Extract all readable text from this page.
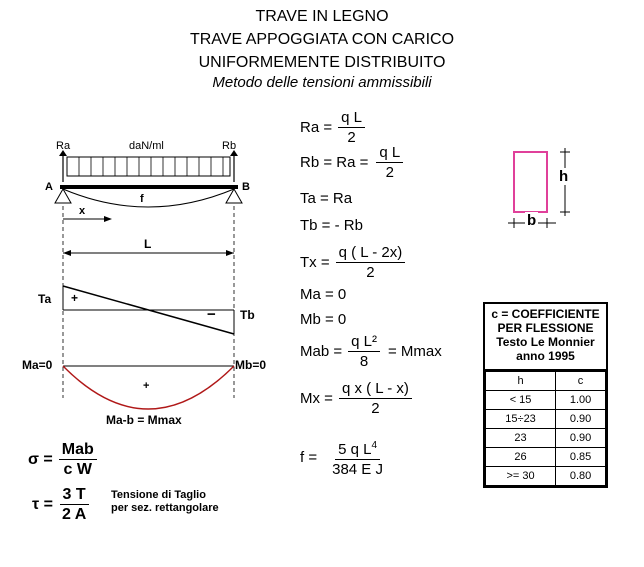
TRAVE IN LEGNO
TRAVE APPOGGIATA CON CARICO
UNIFORMEMENTE DISTRIBUITO
Metodo delle tensioni ammissibili
Ra	Rb
daN/ml
A	B
f
x
L
Ta
Tb
+
−
Ma=0	Mb=0
+
Ma-b = Mmax
$\sigma = \frac{\text{Mab}}{\text{c W}}$
$\tau = \frac{3 T}{2 A}$ Tensione di Taglio
per sez. rettangolare
$Ra = \frac{\text{q L}}{2}$
$Rb = Ra = \frac{\text{q L}}{2}$
Ta = Ra
Tb = - Rb
$Tx = \frac{q ( L - 2x)}{2}$
Ma = 0
Mb = 0
Mab = $\frac{\text{q L²}}{8} = Mmax$
$Mx = \frac{\text{q x ( L - x)}}{2}$
$f = \frac{5 q L^4}{\text{384 E J}}$
h
b
c = COEFFICIENTE
PER FLESSIONE
Testo Le Monnier
anno 1995
h	c
< 15	1.00
15÷23	0.90
23	0.90
26	0.85
>= 30	0.80
